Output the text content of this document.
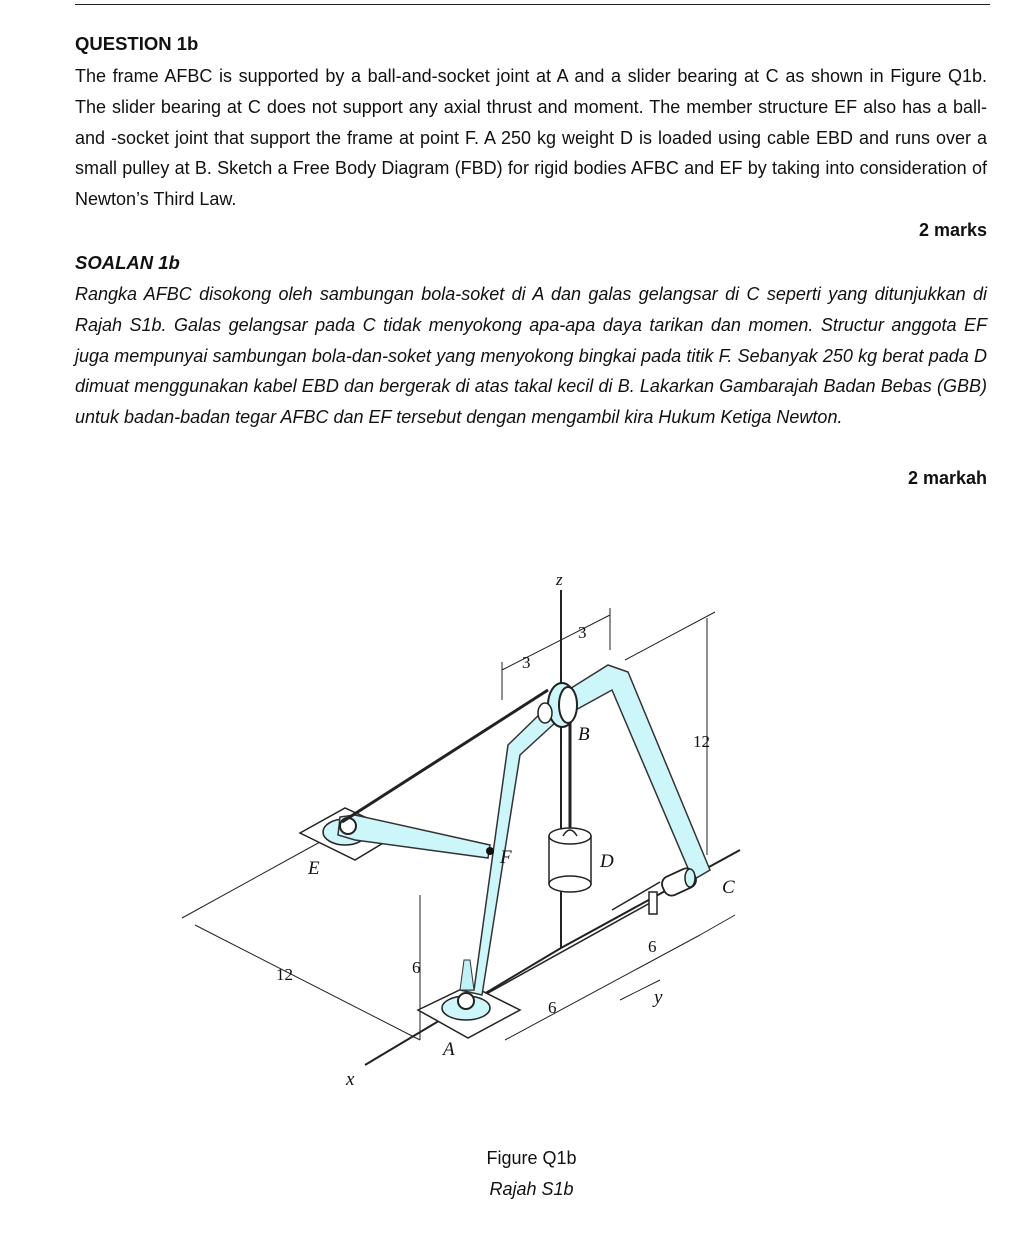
QUESTION 1b
The frame AFBC is supported by a ball-and-socket joint at A and a slider bearing at C as shown in Figure Q1b. The slider bearing at C does not support any axial thrust and moment. The member structure EF also has a ball-and -socket joint that support the frame at point F. A 250 kg weight D is loaded using cable EBD and runs over a small pulley at B. Sketch a Free Body Diagram (FBD) for rigid bodies AFBC and EF by taking into consideration of Newton’s Third Law.
2 marks
SOALAN 1b
Rangka AFBC disokong oleh sambungan bola-soket di A dan galas gelangsar di C seperti yang ditunjukkan di Rajah S1b. Galas gelangsar pada C tidak menyokong apa-apa daya tarikan dan momen. Structur anggota EF juga mempunyai sambungan bola-dan-soket yang menyokong bingkai pada titik F. Sebanyak 250 kg berat pada D dimuat menggunakan kabel EBD dan bergerak di atas takal kecil di B. Lakarkan Gambarajah Badan Bebas (GBB) untuk badan-badan tegar AFBC dan EF tersebut dengan mengambil kira Hukum Ketiga Newton.
2 markah
z
x
y
A
B
C
D
E
F
3
3
12
6
12
6
6
Figure Q1b
Rajah S1b
